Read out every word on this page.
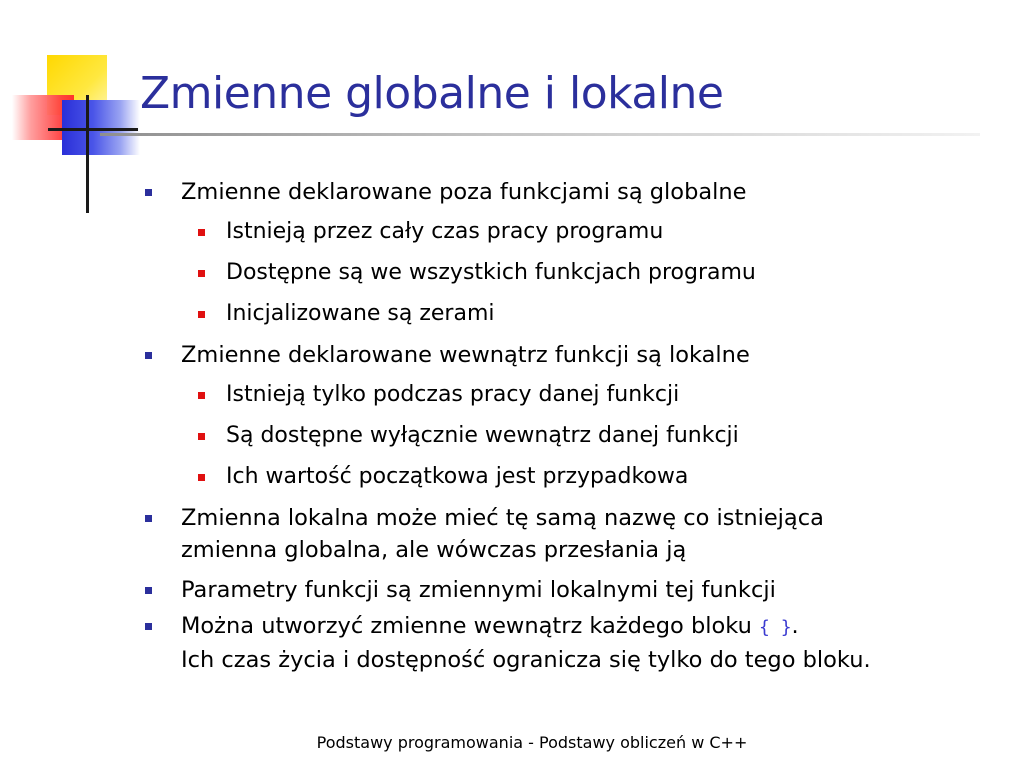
Zmienne globalne i lokalne
Zmienne deklarowane poza funkcjami są globalne
Istnieją przez cały czas pracy programu
Dostępne są we wszystkich funkcjach programu
Inicjalizowane są zerami
Zmienne deklarowane wewnątrz funkcji są lokalne
Istnieją tylko podczas pracy danej funkcji
Są dostępne wyłącznie wewnątrz danej funkcji
Ich wartość początkowa jest przypadkowa
Zmienna lokalna może mieć tę samą nazwę co istniejąca
zmienna globalna, ale wówczas przesłania ją
Parametry funkcji są zmiennymi lokalnymi tej funkcji
Można utworzyć zmienne wewnątrz każdego bloku { }.
Ich czas życia i dostępność ogranicza się tylko do tego bloku.
Podstawy programowania - Podstawy obliczeń w C++
